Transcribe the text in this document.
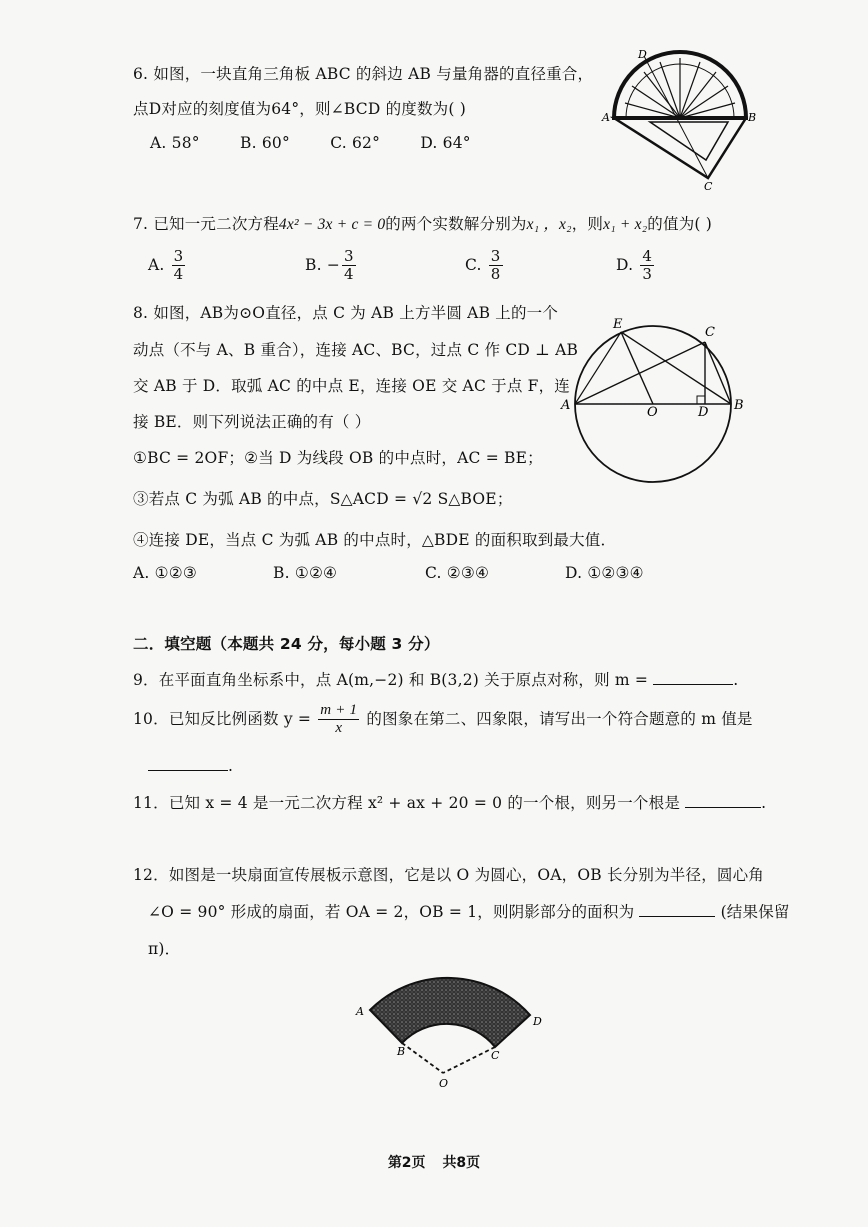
6. 如图，一块直角三角板 ABC 的斜边 AB 与量角器的直径重合，
点D对应的刻度值为64°，则∠BCD 的度数为( )
A. 58°	B. 60°	C. 62°	D. 64°
A	B
C
D
7. 已知一元二次方程4x² − 3x + c = 0的两个实数解分别为x₁ ，x₂，则x₁ + x₂的值为( )
A. $\frac{3}{4}$	B. − $\frac{3}{4}$	C. $\frac{3}{8}$	D. $\frac{4}{3}$
8. 如图，AB为⊙O直径，点 C 为 AB 上方半圆 AB 上的一个
动点（不与 A、B 重合），连接 AC、BC，过点 C 作 CD ⊥ AB
交 AB 于 D．取弧 AC 的中点 E，连接 OE 交 AC 于点 F，连
接 BE．则下列说法正确的有（ ）
①BC = 2OF；②当 D 为线段 OB 的中点时，AC = BE；
③若点 C 为弧 AB 的中点，S△ACD = √2 S△BOE；
④连接 DE，当点 C 为弧 AB 的中点时，△BDE 的面积取到最大值．
A. ①②③	B. ①②④	C. ②③④	D. ①②③④
E
C
A	O	D B
二．填空题（本题共 24 分，每小题 3 分）
9．在平面直角坐标系中，点 A(m,−2) 和 B(3,2) 关于原点对称，则 m =	.
10．已知反比例函数 $y = \frac{m + 1}{x}$ 的图象在第二、四象限，请写出一个符合题意的 m 值是
.
11．已知 x = 4 是一元二次方程 x² + ax + 20 = 0 的一个根，则另一个根是	.
12．如图是一块扇面宣传展板示意图，它是以 O 为圆心，OA，OB 长分别为半径，圆心角
∠O = 90° 形成的扇面，若 OA = 2，OB = 1，则阴影部分的面积为	(结果保留
π)．
A
D
B	C
O
第2页 共8页
